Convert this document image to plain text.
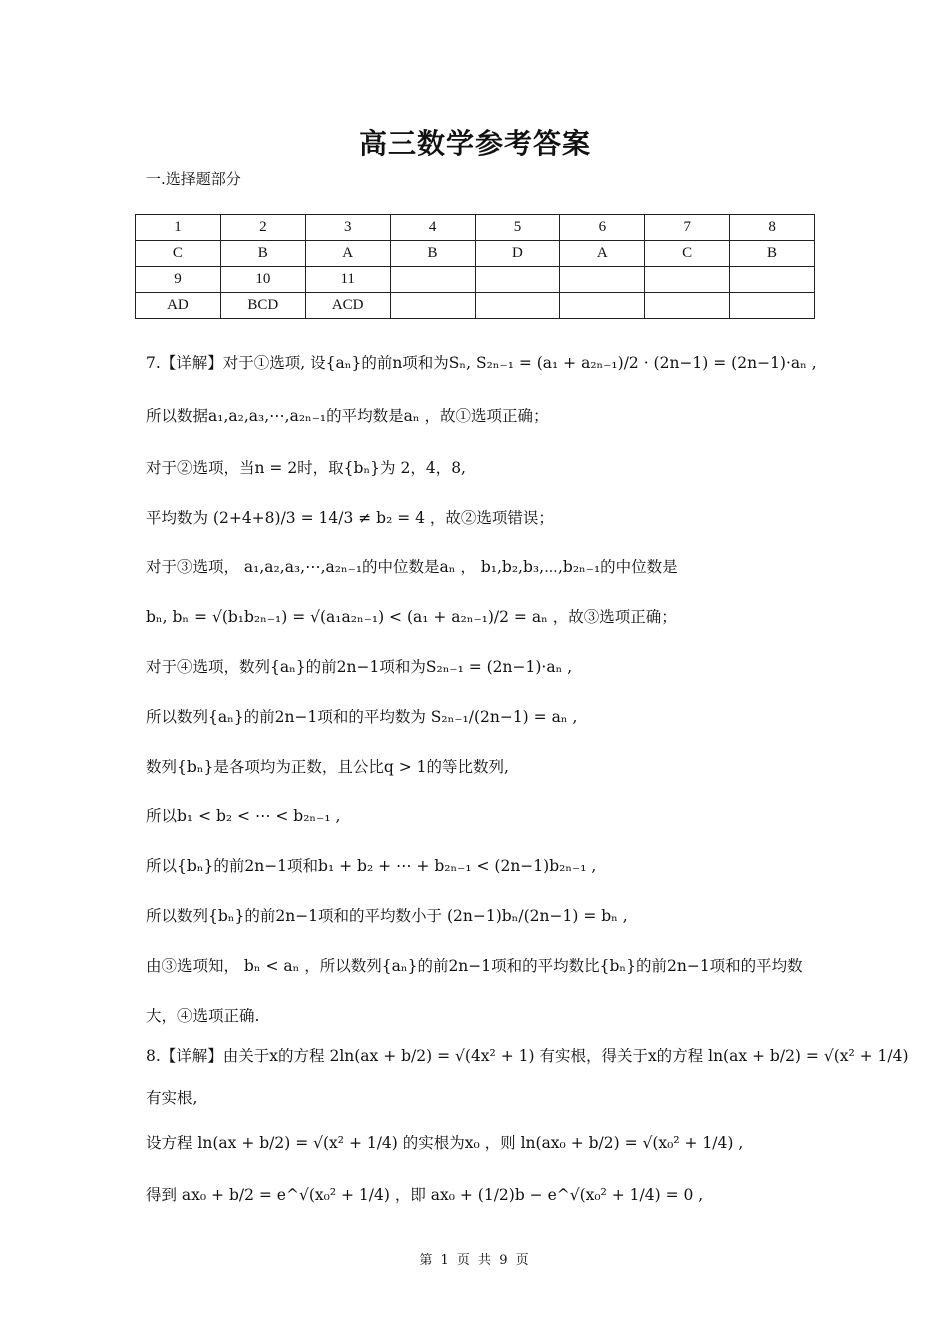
高三数学参考答案
一.选择题部分
1	2	3	4	5	6	7	8
C	B	A	B	D	A	C	B
9	10	11					
AD	BCD	ACD					
7.【详解】对于①选项, 设{aₙ}的前n项和为Sₙ, S₂ₙ₋₁ = (a₁ + a₂ₙ₋₁)/2 · (2n−1) = (2n−1)·aₙ ,
所以数据a₁,a₂,a₃,⋯,a₂ₙ₋₁的平均数是aₙ ，故①选项正确；
对于②选项，当n = 2时，取{bₙ}为 2，4，8,
平均数为 (2+4+8)/3 = 14/3 ≠ b₂ = 4 ，故②选项错误；
对于③选项， a₁,a₂,a₃,⋯,a₂ₙ₋₁的中位数是aₙ ， b₁,b₂,b₃,⋯,b₂ₙ₋₁的中位数是
bₙ, bₙ = √(b₁b₂ₙ₋₁) = √(a₁a₂ₙ₋₁) < (a₁ + a₂ₙ₋₁)/2 = aₙ ，故③选项正确；
对于④选项，数列{aₙ}的前2n−1项和为S₂ₙ₋₁ = (2n−1)·aₙ ,
所以数列{aₙ}的前2n−1项和的平均数为 S₂ₙ₋₁/(2n−1) = aₙ ,
数列{bₙ}是各项均为正数，且公比q > 1的等比数列,
所以b₁ < b₂ < ⋯ < b₂ₙ₋₁ ,
所以{bₙ}的前2n−1项和b₁ + b₂ + ⋯ + b₂ₙ₋₁ < (2n−1)b₂ₙ₋₁ ,
所以数列{bₙ}的前2n−1项和的平均数小于 (2n−1)bₙ/(2n−1) = bₙ ,
由③选项知， bₙ < aₙ ，所以数列{aₙ}的前2n−1项和的平均数比{bₙ}的前2n−1项和的平均数
大，④选项正确.
8.【详解】由关于x的方程 2ln(ax + b/2) = √(4x² + 1) 有实根，得关于x的方程 ln(ax + b/2) = √(x² + 1/4)
有实根,
设方程 ln(ax + b/2) = √(x² + 1/4) 的实根为x₀ ，则 ln(ax₀ + b/2) = √(x₀² + 1/4) ,
得到 ax₀ + b/2 = e^√(x₀² + 1/4) ，即 ax₀ + (1/2)b − e^√(x₀² + 1/4) = 0 ,
第 1 页 共 9 页
